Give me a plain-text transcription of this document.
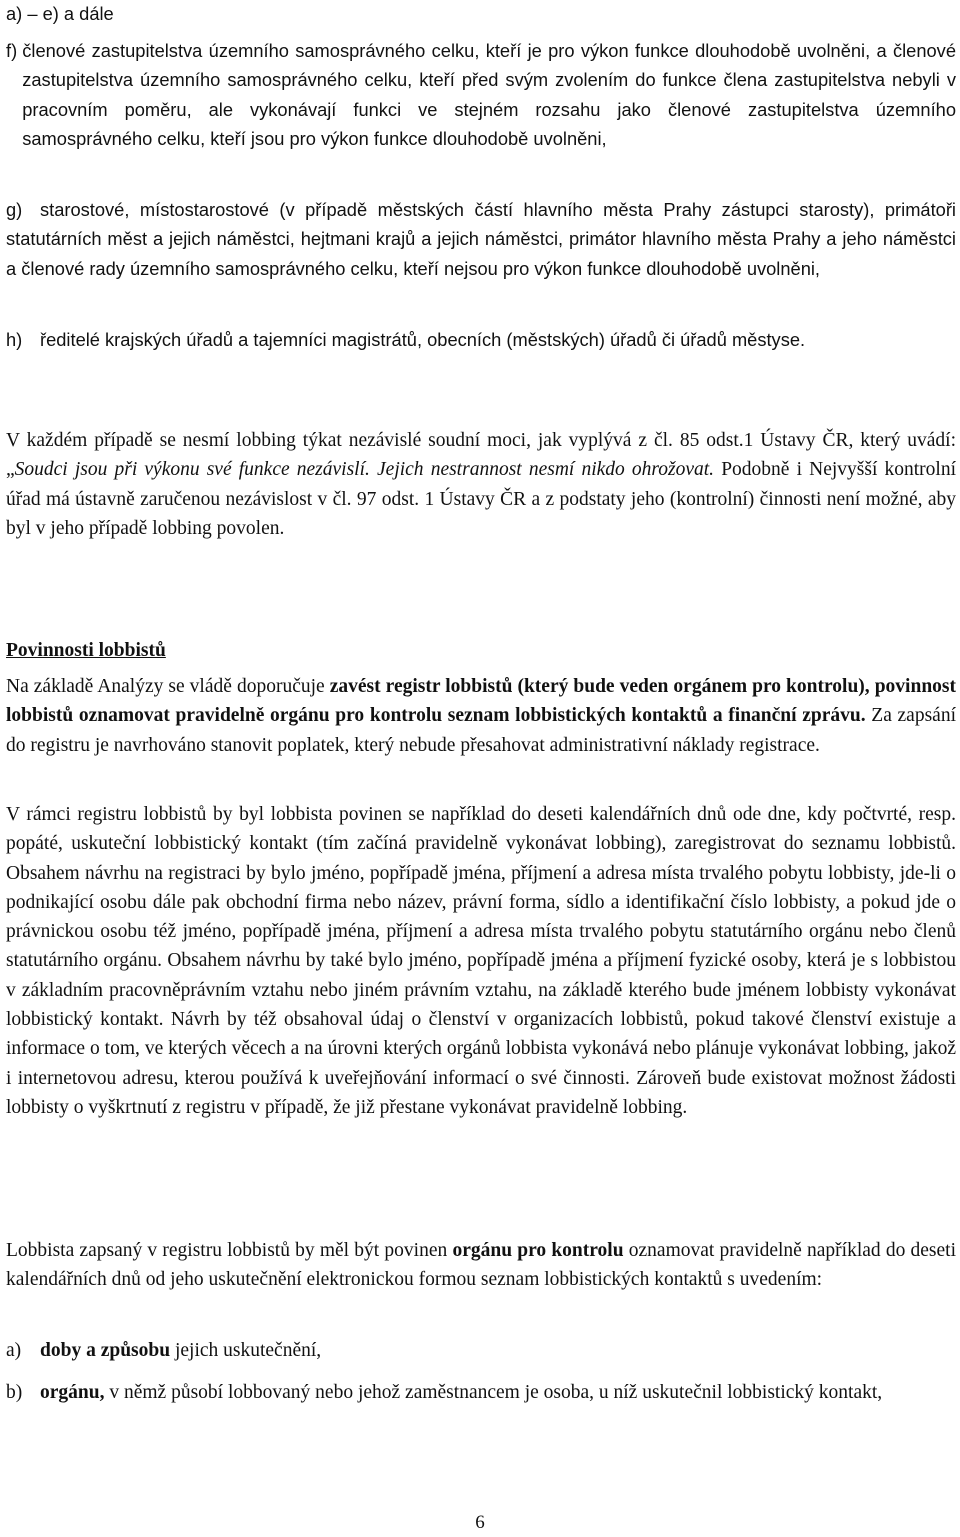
a) – e) a dále

f) členové zastupitelstva územního samosprávného celku, kteří je pro výkon funkce dlouhodobě uvolněni, a členové zastupitelstva územního samosprávného celku, kteří před svým zvolením do funkce člena zastupitelstva nebyli v pracovním poměru, ale vykonávají funkci ve stejném rozsahu jako členové zastupitelstva územního samosprávného celku, kteří jsou pro výkon funkce dlouhodobě uvolněni,
g) starostové, místostarostové (v případě městských částí hlavního města Prahy zástupci starosty), primátoři statutárních měst a jejich náměstci, hejtmani krajů a jejich náměstci, primátor hlavního města Prahy a jeho náměstci a členové rady územního samosprávného celku, kteří nejsou pro výkon funkce dlouhodobě uvolněni,
h) ředitelé krajských úřadů a tajemníci magistrátů, obecních (městských) úřadů či úřadů městyse.

V každém případě se nesmí lobbing týkat nezávislé soudní moci, jak vyplývá z čl. 85 odst.1 Ústavy ČR, který uvádí: „Soudci jsou při výkonu své funkce nezávislí. Jejich nestrannost nesmí nikdo ohrožovat. Podobně i Nejvyšší kontrolní úřad má ústavně zaručenou nezávislost v čl. 97 odst. 1 Ústavy ČR a z podstaty jeho (kontrolní) činnosti není možné, aby byl v jeho případě lobbing povolen.

Povinnosti lobbistů

Na základě Analýzy se vládě doporučuje zavést registr lobbistů (který bude veden orgánem pro kontrolu), povinnost lobbistů oznamovat pravidelně orgánu pro kontrolu seznam lobbistických kontaktů a finanční zprávu. Za zapsání do registru je navrhováno stanovit poplatek, který nebude přesahovat administrativní náklady registrace.

V rámci registru lobbistů by byl lobbista povinen se například do deseti kalendářních dnů ode dne, kdy počtvrté, resp. popáté, uskuteční lobbistický kontakt (tím začíná pravidelně vykonávat lobbing), zaregistrovat do seznamu lobbistů. Obsahem návrhu na registraci by bylo jméno, popřípadě jména, příjmení a adresa místa trvalého pobytu lobbisty, jde-li o podnikající osobu dále pak obchodní firma nebo název, právní forma, sídlo a identifikační číslo lobbisty, a pokud jde o právnickou osobu též jméno, popřípadě jména, příjmení a adresa místa trvalého pobytu statutárního orgánu nebo členů statutárního orgánu. Obsahem návrhu by také bylo jméno, popřípadě jména a příjmení fyzické osoby, která je s lobbistou v základním pracovněprávním vztahu nebo jiném právním vztahu, na základě kterého bude jménem lobbisty vykonávat lobbistický kontakt. Návrh by též obsahoval údaj o členství v organizacích lobbistů, pokud takové členství existuje a informace o tom, ve kterých věcech a na úrovni kterých orgánů lobbista vykonává nebo plánuje vykonávat lobbing, jakož i internetovou adresu, kterou používá k uveřejňování informací o své činnosti. Zároveň bude existovat možnost žádosti lobbisty o vyškrtnutí z registru v případě, že již přestane vykonávat pravidelně lobbing.

Lobbista zapsaný v registru lobbistů by měl být povinen orgánu pro kontrolu oznamovat pravidelně například do deseti kalendářních dnů od jeho uskutečnění elektronickou formou seznam lobbistických kontaktů s uvedením:

a) doby a způsobu jejich uskutečnění,
b) orgánu, v němž působí lobbovaný nebo jehož zaměstnancem je osoba, u níž uskutečnil lobbistický kontakt,
6
